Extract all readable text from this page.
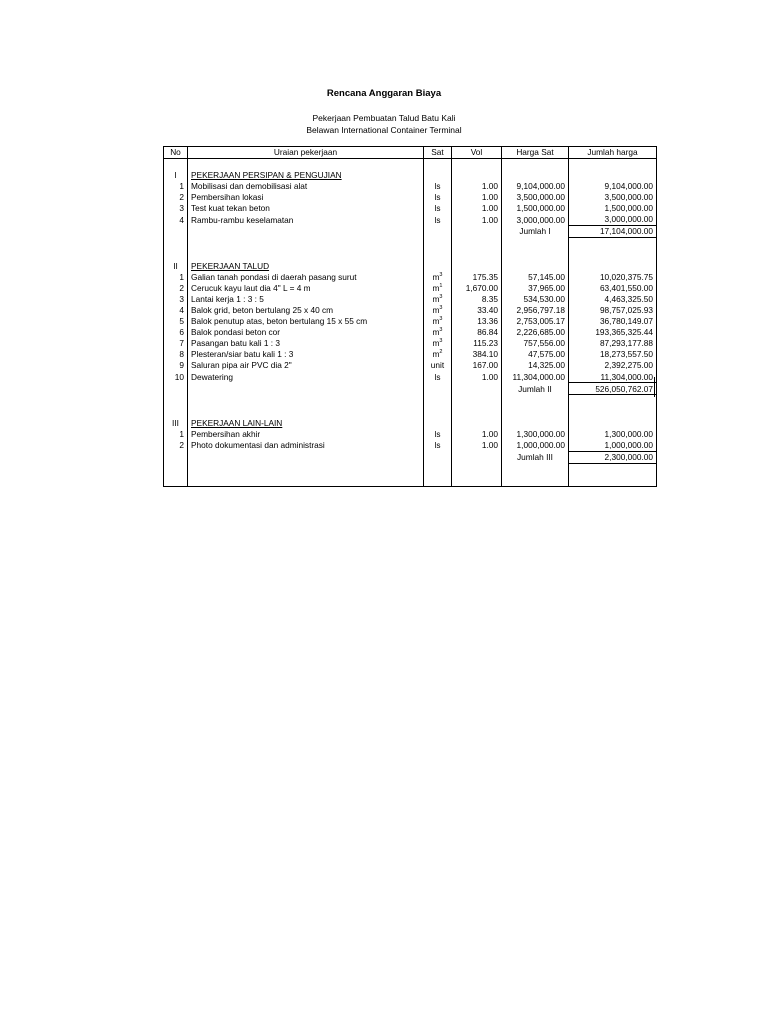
Rencana Anggaran Biaya
Pekerjaan Pembuatan Talud Batu Kali
Belawan International Container Terminal
No	Uraian pekerjaan	Sat	Vol	Harga Sat	Jumlah harga

I	PEKERJAAN PERSIPAN & PENGUJIAN				
1	Mobilisasi dan demobilisasi alat	ls	1.00	9,104,000.00	9,104,000.00
2	Pembersihan lokasi	ls	1.00	3,500,000.00	3,500,000.00
3	Test kuat tekan beton	ls	1.00	1,500,000.00	1,500,000.00
4	Rambu-rambu keselamatan	ls	1.00	3,000,000.00	3,000,000.00
				Jumlah I	17,104,000.00

II	PEKERJAAN TALUD				
1	Galian tanah pondasi di daerah pasang surut	$m^3$	175.35	57,145.00	10,020,375.75
2	Cerucuk kayu laut dia 4" L = 4 m	$m^1$	1,670.00	37,965.00	63,401,550.00
3	Lantai kerja 1 : 3 : 5	$m^3$	8.35	534,530.00	4,463,325.50
4	Balok grid, beton bertulang 25 x 40 cm	$m^3$	33.40	2,956,797.18	98,757,025.93
5	Balok penutup atas, beton bertulang 15 x 55 cm	$m^3$	13.36	2,753,005.17	36,780,149.07
6	Balok pondasi beton cor	$m^3$	86.84	2,226,685.00	193,365,325.44
7	Pasangan batu kali 1 : 3	$m^3$	115.23	757,556.00	87,293,177.88
8	Plesteran/siar batu kali 1 : 3	$m^2$	384.10	47,575.00	18,273,557.50
9	Saluran pipa air PVC dia 2"	unit	167.00	14,325.00	2,392,275.00
10	Dewatering	ls	1.00	11,304,000.00	11,304,000.00
				Jumlah II	526,050,762.07

III	PEKERJAAN LAIN-LAIN				
1	Pembersihan akhir	ls	1.00	1,300,000.00	1,300,000.00
2	Photo dokumentasi dan administrasi	ls	1.00	1,000,000.00	1,000,000.00
				Jumlah III	2,300,000.00
